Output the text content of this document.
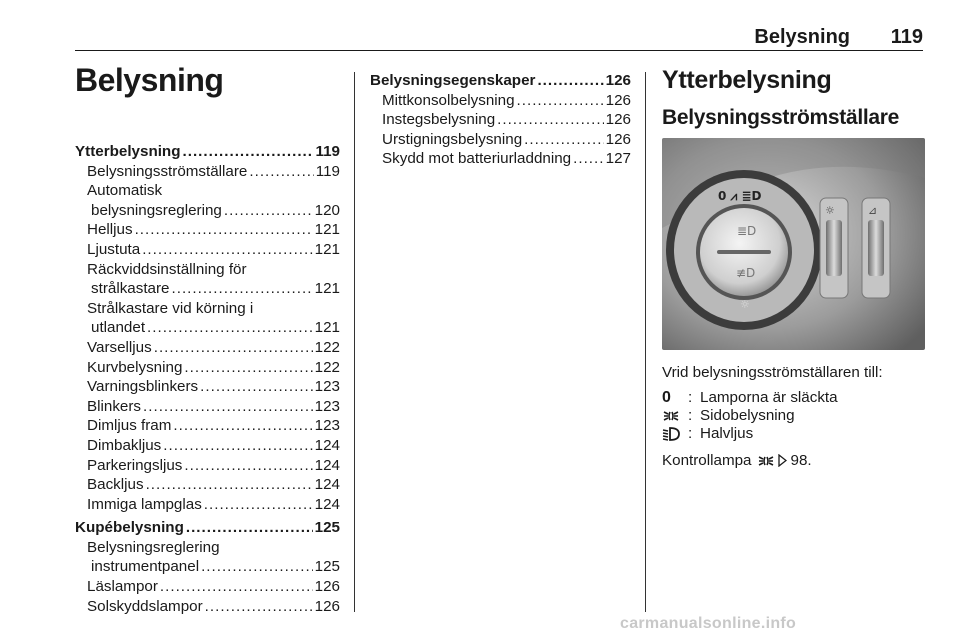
Belysning 119
Belysning
Ytterbelysning .....	119
Belysningsströmställare .....	119
Automatisk
belysningsreglering .....	120
Helljus .....	121
Ljustuta .....	121
Räckviddsinställning för
strålkastare .....	121
Strålkastare vid körning i
utlandet .....	121
Varselljus .....	122
Kurvbelysning .....	122
Varningsblinkers .....	123
Blinkers .....	123
Dimljus fram .....	123
Dimbakljus .....	124
Parkeringsljus .....	124
Backljus .....	124
Immiga lampglas .....	124
Kupébelysning .....	125
Belysningsreglering
instrumentpanel .....	125
Läslampor .....	126
Solskyddslampor .....	126
Belysningsegenskaper .....	126
Mittkonsolbelysning .....	126
Instegsbelysning .....	126
Urstigningsbelysning .....	126
Skydd mot batteriurladdning ..... 127
Ytterbelysning
Belysningsströmställare
≣D
≢D
0 ⩘ ≣D
☼
☼	⊿
Vrid belysningsströmställaren till:
0 : Lamporna är släckta
: Sidobelysning
: Halvljus
Kontrollampa	98.
carmanualsonline.info
